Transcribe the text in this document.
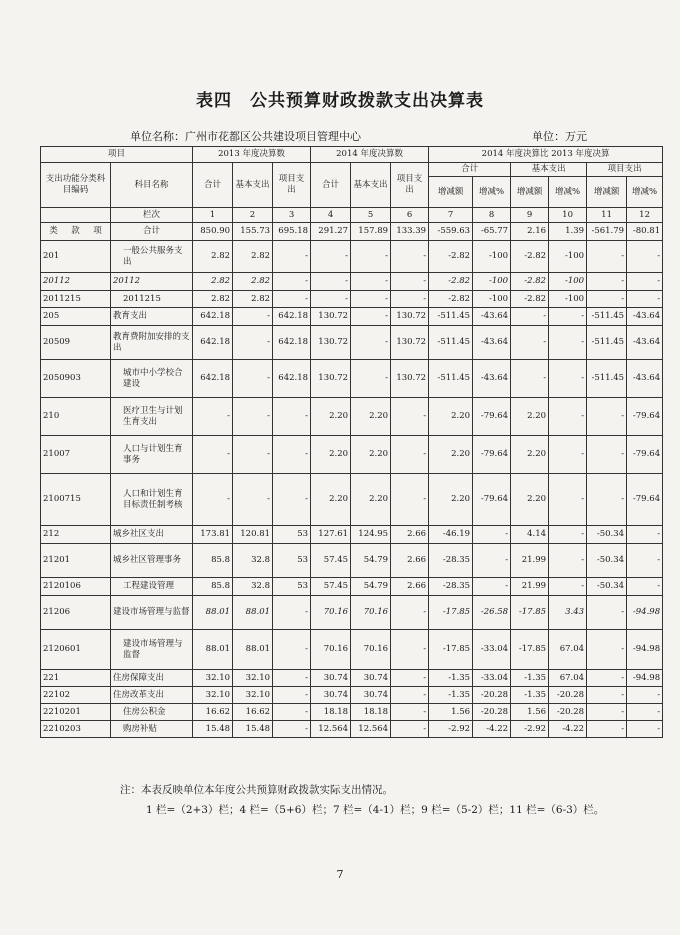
表四　公共预算财政拨款支出决算表
单位名称：广州市花都区公共建设项目管理中心	单位：万元
项目		2013 年度决算数			2014 年度决算数			2014 年度决算比 2013 年度决算					
支出功能分类科目编码	科目名称	合计	基本支出	项目支出	合计	基本支出	项目支出	合计		基本支出		项目支出	
								增减额	增减%	增减额	增减%	增减额	增减%
	栏次	1	2	3	4	5	6	7	8	9	10	11	12
类 款 项	合计	850.90	155.73	695.18	291.27	157.89	133.39	-559.63	-65.77	2.16	1.39	-561.79	-80.81
201	一般公共服务支出	2.82	2.82	-	-	-	-	-2.82	-100	-2.82	-100	-	-
20112	20112	2.82	2.82	-	-	-	-	-2.82	-100	-2.82	-100	-	-
2011215	2011215	2.82	2.82	-	-	-	-	-2.82	-100	-2.82	-100	-	-
205	教育支出	642.18	-	642.18	130.72	-	130.72	-511.45	-43.64	-	-	-511.45	-43.64
20509	教育费附加安排的支出	642.18	-	642.18	130.72	-	130.72	-511.45	-43.64	-	-	-511.45	-43.64
2050903	城市中小学校合建设	642.18	-	642.18	130.72	-	130.72	-511.45	-43.64	-	-	-511.45	-43.64
210	医疗卫生与计划生育支出	-	-	-	2.20	2.20	-	2.20	-79.64	2.20	-	-	-79.64
21007	人口与计划生育事务	-	-	-	2.20	2.20	-	2.20	-79.64	2.20	-	-	-79.64
2100715	人口和计划生育目标责任制考核	-	-	-	2.20	2.20	-	2.20	-79.64	2.20	-	-	-79.64
212	城乡社区支出	173.81	120.81	53	127.61	124.95	2.66	-46.19	-	4.14	-	-50.34	-
21201	城乡社区管理事务	85.8	32.8	53	57.45	54.79	2.66	-28.35	-	21.99	-	-50.34	-
2120106	工程建设管理	85.8	32.8	53	57.45	54.79	2.66	-28.35	-	21.99	-	-50.34	-
21206	建设市场管理与监督	88.01	88.01	-	70.16	70.16	-	-17.85	-26.58	-17.85	3.43	-	-94.98
2120601	建设市场管理与监督	88.01	88.01	-	70.16	70.16	-	-17.85	-33.04	-17.85	67.04	-	-94.98
221	住房保障支出	32.10	32.10	-	30.74	30.74	-	-1.35	-33.04	-1.35	67.04	-	-94.98
22102	住房改革支出	32.10	32.10	-	30.74	30.74	-	-1.35	-20.28	-1.35	-20.28	-	-
2210201	住房公积金	16.62	16.62	-	18.18	18.18	-	1.56	-20.28	1.56	-20.28	-	-
2210203	购房补贴	15.48	15.48	-	12.564	12.564	-	-2.92	-4.22	-2.92	-4.22	-	-
注：本表反映单位本年度公共预算财政拨款实际支出情况。
1 栏=（2+3）栏；4 栏=（5+6）栏；7 栏=（4-1）栏；9 栏=（5-2）栏；11 栏=（6-3）栏。
7
